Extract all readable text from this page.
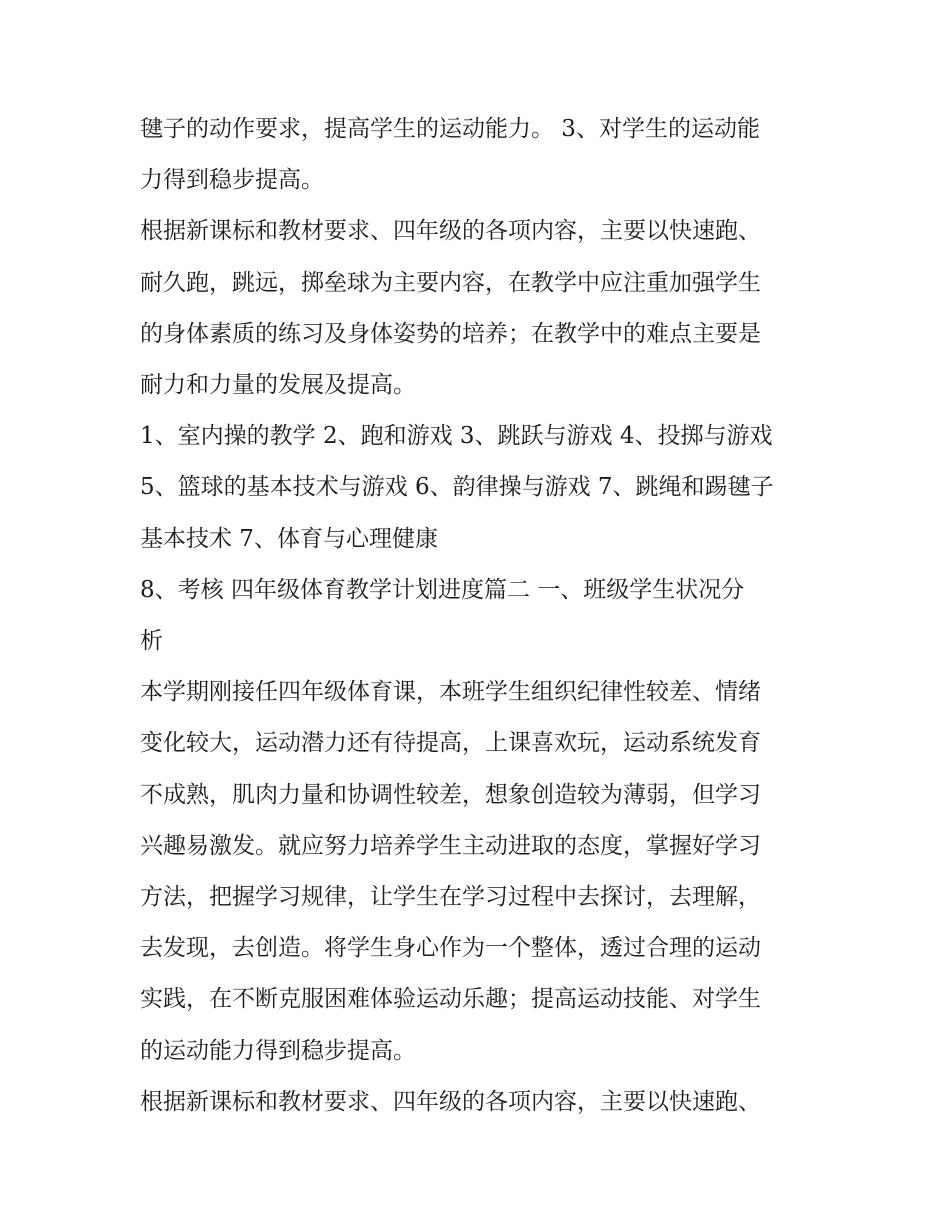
毽子的动作要求，提高学生的运动能力。 3、对学生的运动能

力得到稳步提高。

根据新课标和教材要求、四年级的各项内容，主要以快速跑、

耐久跑，跳远，掷垒球为主要内容，在教学中应注重加强学生

的身体素质的练习及身体姿势的培养；在教学中的难点主要是

耐力和力量的发展及提高。

1、室内操的教学 2、跑和游戏 3、跳跃与游戏 4、投掷与游戏

5、篮球的基本技术与游戏 6、韵律操与游戏 7、跳绳和踢毽子

基本技术 7、体育与心理健康

8、考核 四年级体育教学计划进度篇二 一、班级学生状况分

析

本学期刚接任四年级体育课，本班学生组织纪律性较差、情绪

变化较大，运动潜力还有待提高，上课喜欢玩，运动系统发育

不成熟，肌肉力量和协调性较差，想象创造较为薄弱，但学习

兴趣易激发。就应努力培养学生主动进取的态度，掌握好学习

方法，把握学习规律，让学生在学习过程中去探讨，去理解，

去发现，去创造。将学生身心作为一个整体，透过合理的运动

实践，在不断克服困难体验运动乐趣；提高运动技能、对学生

的运动能力得到稳步提高。

根据新课标和教材要求、四年级的各项内容，主要以快速跑、
